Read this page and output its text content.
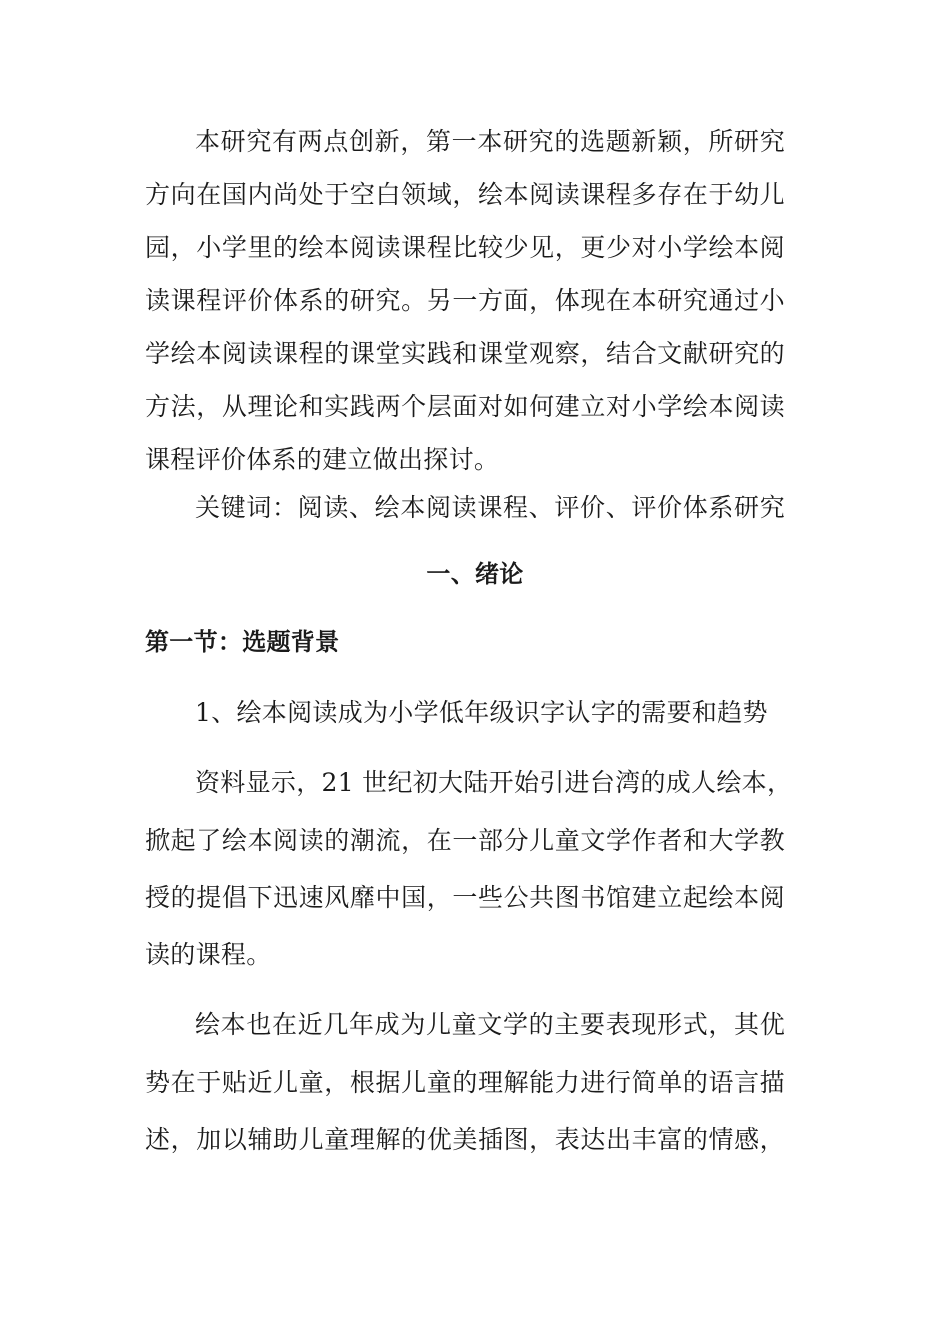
本研究有两点创新，第一本研究的选题新颖，所研究
方向在国内尚处于空白领域，绘本阅读课程多存在于幼儿
园，小学里的绘本阅读课程比较少见，更少对小学绘本阅
读课程评价体系的研究。另一方面，体现在本研究通过小
学绘本阅读课程的课堂实践和课堂观察，结合文献研究的
方法，从理论和实践两个层面对如何建立对小学绘本阅读
课程评价体系的建立做出探讨。
关键词：阅读、绘本阅读课程、评价、评价体系研究
一、绪论
第一节：选题背景
1、绘本阅读成为小学低年级识字认字的需要和趋势
资料显示，21 世纪初大陆开始引进台湾的成人绘本，
掀起了绘本阅读的潮流，在一部分儿童文学作者和大学教
授的提倡下迅速风靡中国，一些公共图书馆建立起绘本阅
读的课程。
绘本也在近几年成为儿童文学的主要表现形式，其优
势在于贴近儿童，根据儿童的理解能力进行简单的语言描
述，加以辅助儿童理解的优美插图，表达出丰富的情感，
